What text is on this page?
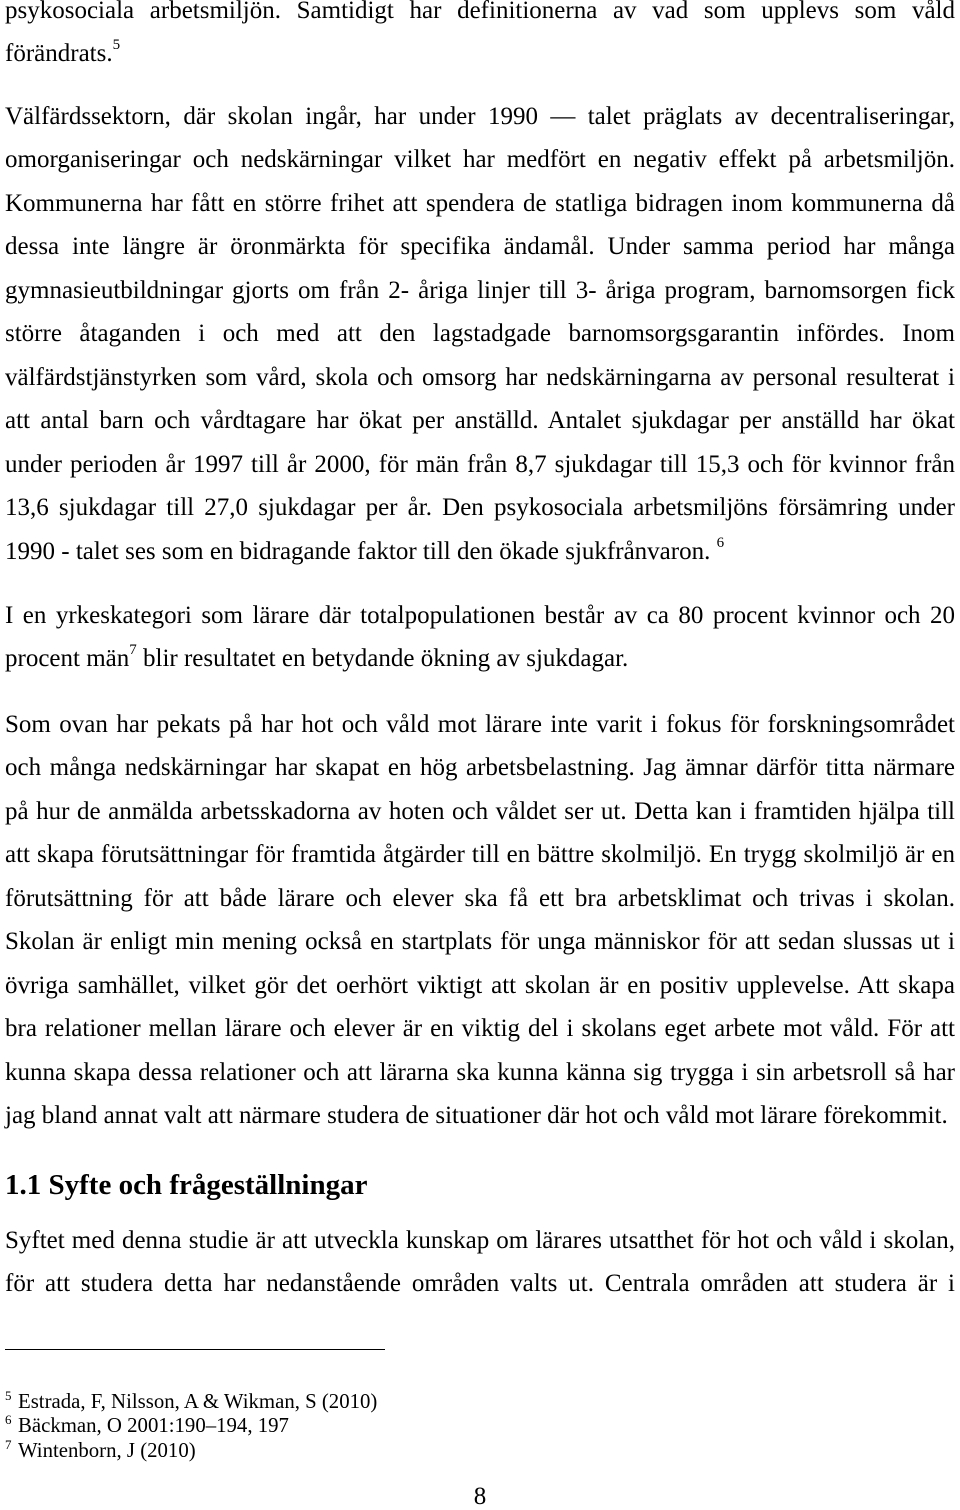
psykosociala arbetsmiljön. Samtidigt har definitionerna av vad som upplevs som våld
förändrats.$^5$
Välfärdssektorn, där skolan ingår, har under 1990 — talet präglats av decentraliseringar,
omorganiseringar och nedskärningar vilket har medfört en negativ effekt på arbetsmiljön.
Kommunerna har fått en större frihet att spendera de statliga bidragen inom kommunerna då
dessa inte längre är öronmärkta för specifika ändamål. Under samma period har många
gymnasieutbildningar gjorts om från 2- åriga linjer till 3- åriga program, barnomsorgen fick
större åtaganden i och med att den lagstadgade barnomsorgsgarantin infördes. Inom
välfärdstjänstyrken som vård, skola och omsorg har nedskärningarna av personal resulterat i
att antal barn och vårdtagare har ökat per anställd. Antalet sjukdagar per anställd har ökat
under perioden år 1997 till år 2000, för män från 8,7 sjukdagar till 15,3 och för kvinnor från
13,6 sjukdagar till 27,0 sjukdagar per år. Den psykosociala arbetsmiljöns försämring under
1990 - talet ses som en bidragande faktor till den ökade sjukfrånvaron. $^6$
I en yrkeskategori som lärare där totalpopulationen består av ca 80 procent kvinnor och 20
procent män$^7$ blir resultatet en betydande ökning av sjukdagar.
Som ovan har pekats på har hot och våld mot lärare inte varit i fokus för forskningsområdet
och många nedskärningar har skapat en hög arbetsbelastning. Jag ämnar därför titta närmare
på hur de anmälda arbetsskadorna av hoten och våldet ser ut. Detta kan i framtiden hjälpa till
att skapa förutsättningar för framtida åtgärder till en bättre skolmiljö. En trygg skolmiljö är en
förutsättning för att både lärare och elever ska få ett bra arbetsklimat och trivas i skolan.
Skolan är enligt min mening också en startplats för unga människor för att sedan slussas ut i
övriga samhället, vilket gör det oerhört viktigt att skolan är en positiv upplevelse. Att skapa
bra relationer mellan lärare och elever är en viktig del i skolans eget arbete mot våld. För att
kunna skapa dessa relationer och att lärarna ska kunna känna sig trygga i sin arbetsroll så har
jag bland annat valt att närmare studera de situationer där hot och våld mot lärare förekommit.
1.1 Syfte och frågeställningar
Syftet med denna studie är att utveckla kunskap om lärares utsatthet för hot och våld i skolan,
för att studera detta har nedanstående områden valts ut. Centrala områden att studera är i
5 Estrada, F, Nilsson, A & Wikman, S (2010)
6 Bäckman, O 2001:190–194, 197
7 Wintenborn, J (2010)
8
